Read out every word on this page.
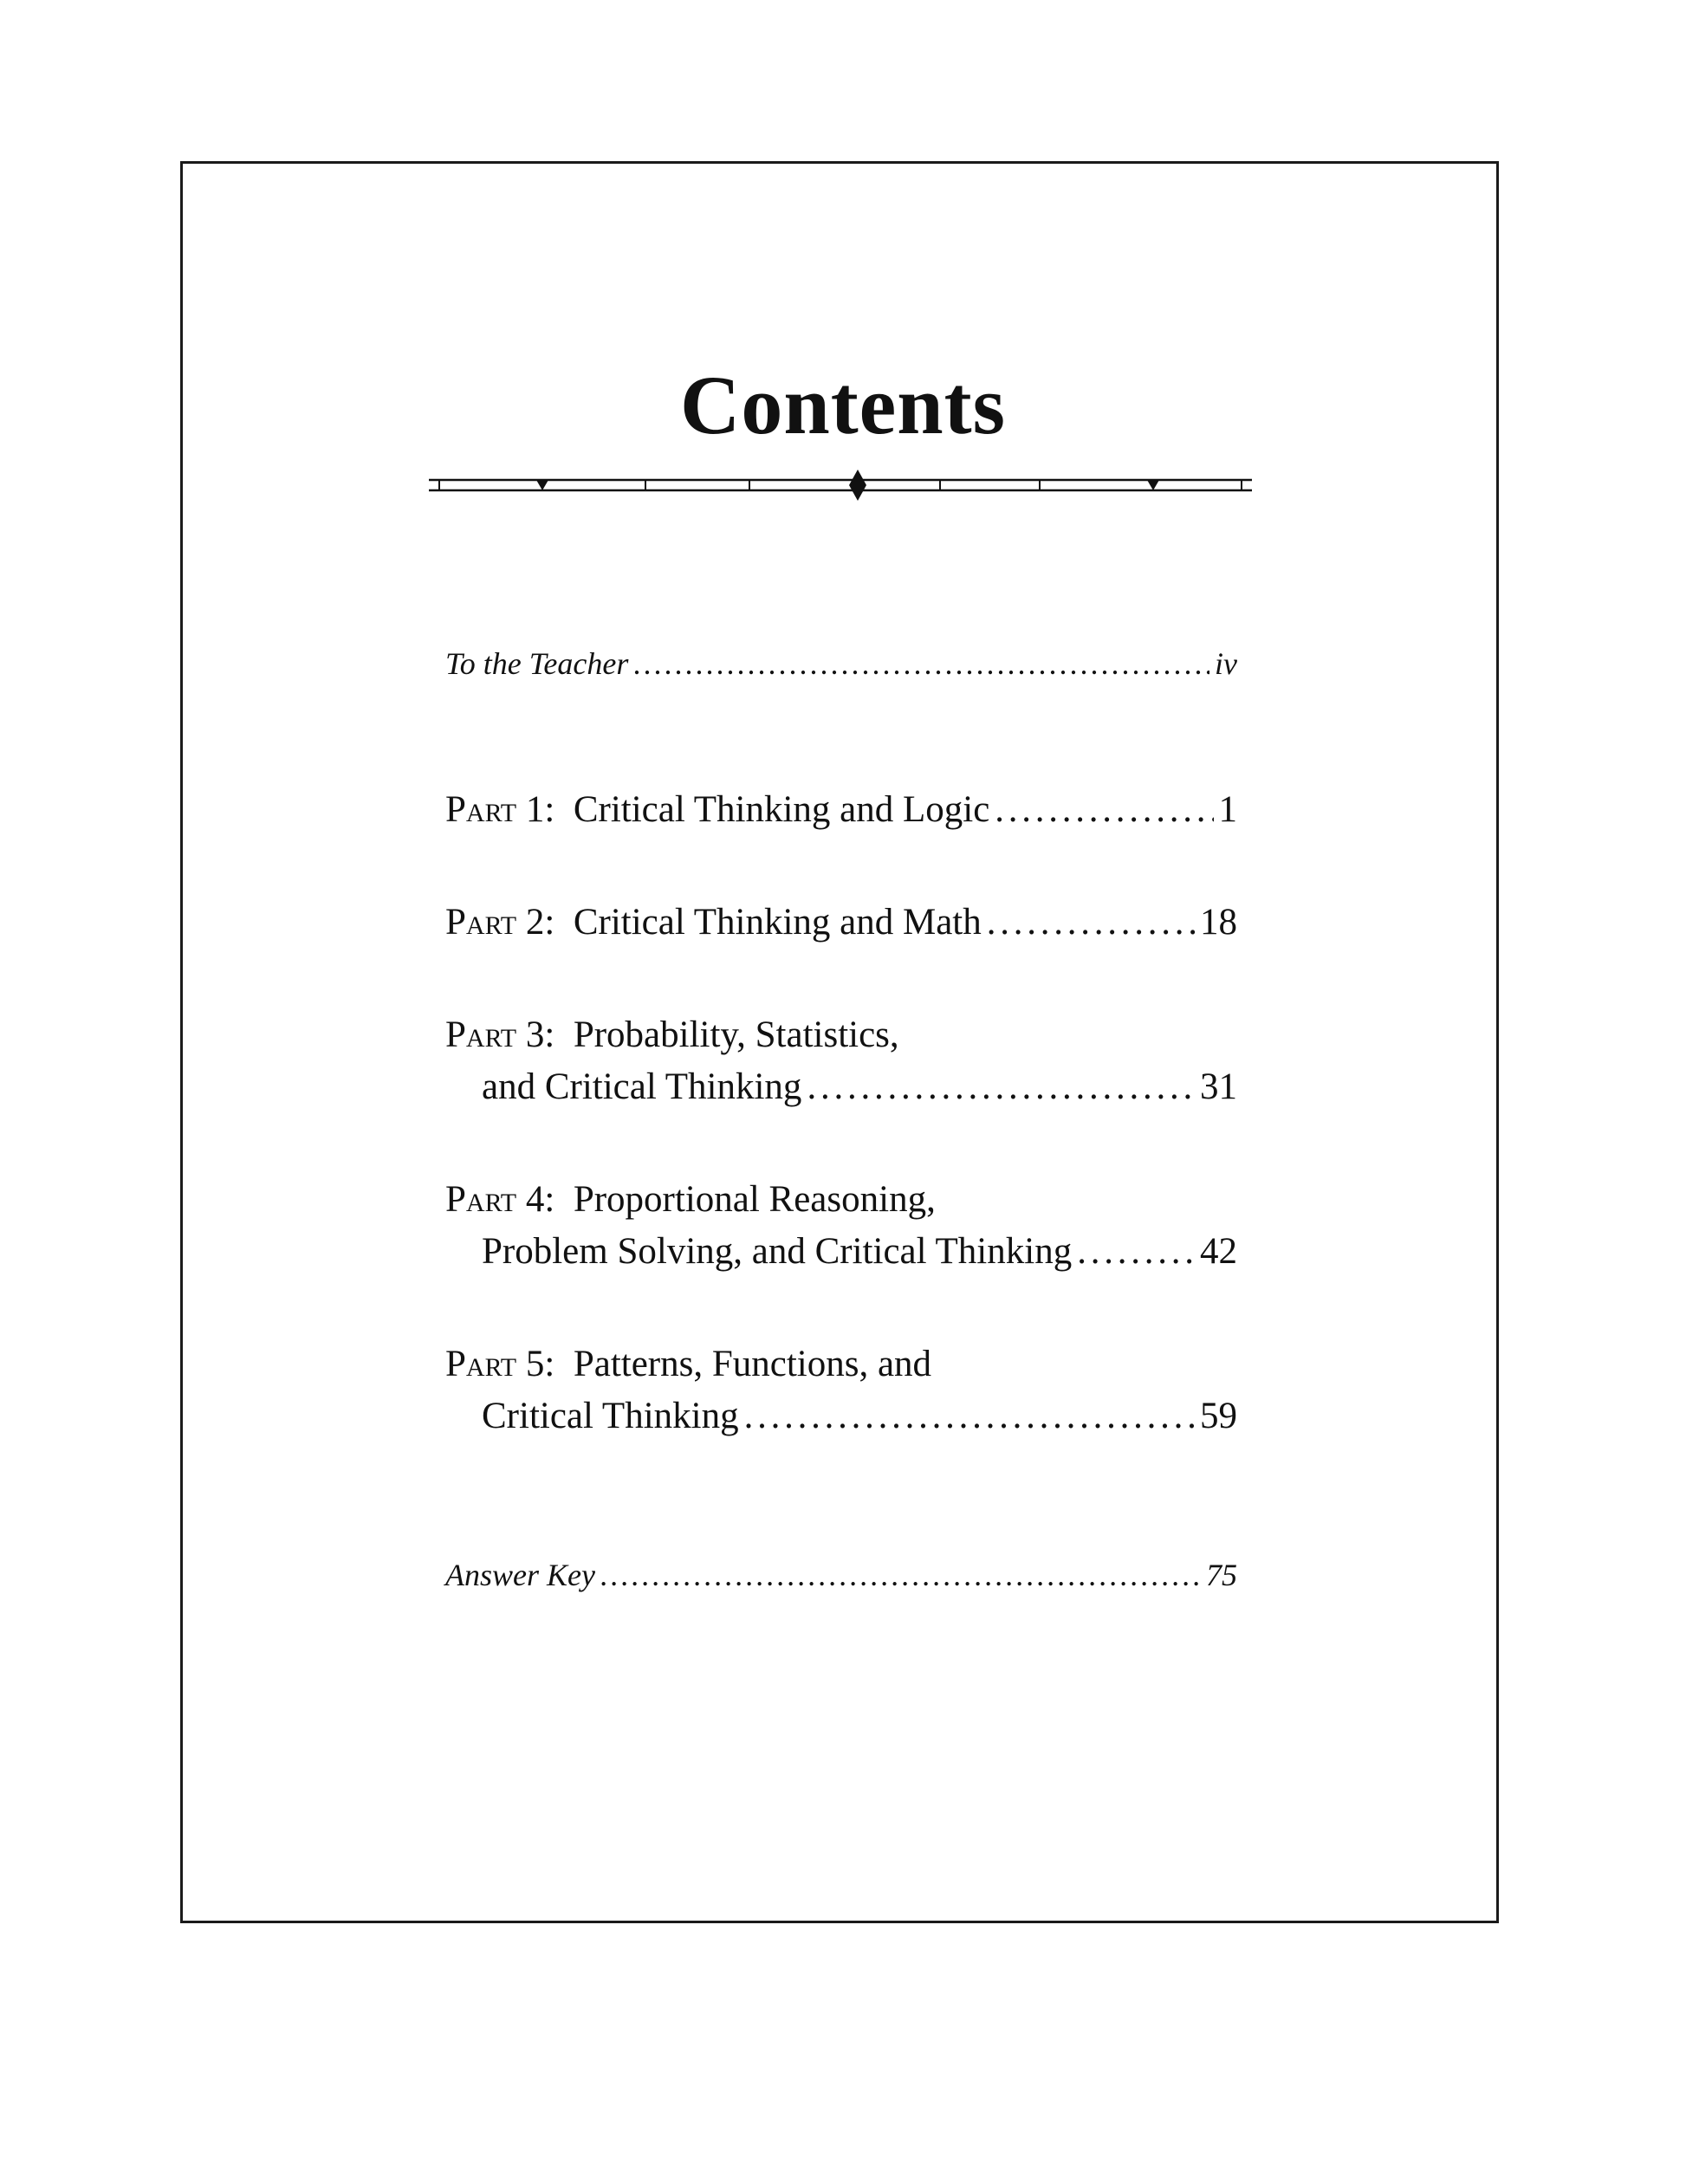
Contents
To the Teacher . . .	iv
Part 1: Critical Thinking and Logic . . .	1
Part 2: Critical Thinking and Math . . .	18
Part 3: Probability, Statistics,
and Critical Thinking . . .	31
Part 4: Proportional Reasoning,
Problem Solving, and Critical Thinking . . .	42
Part 5: Patterns, Functions, and
Critical Thinking . . .	59
Answer Key . . .	75
